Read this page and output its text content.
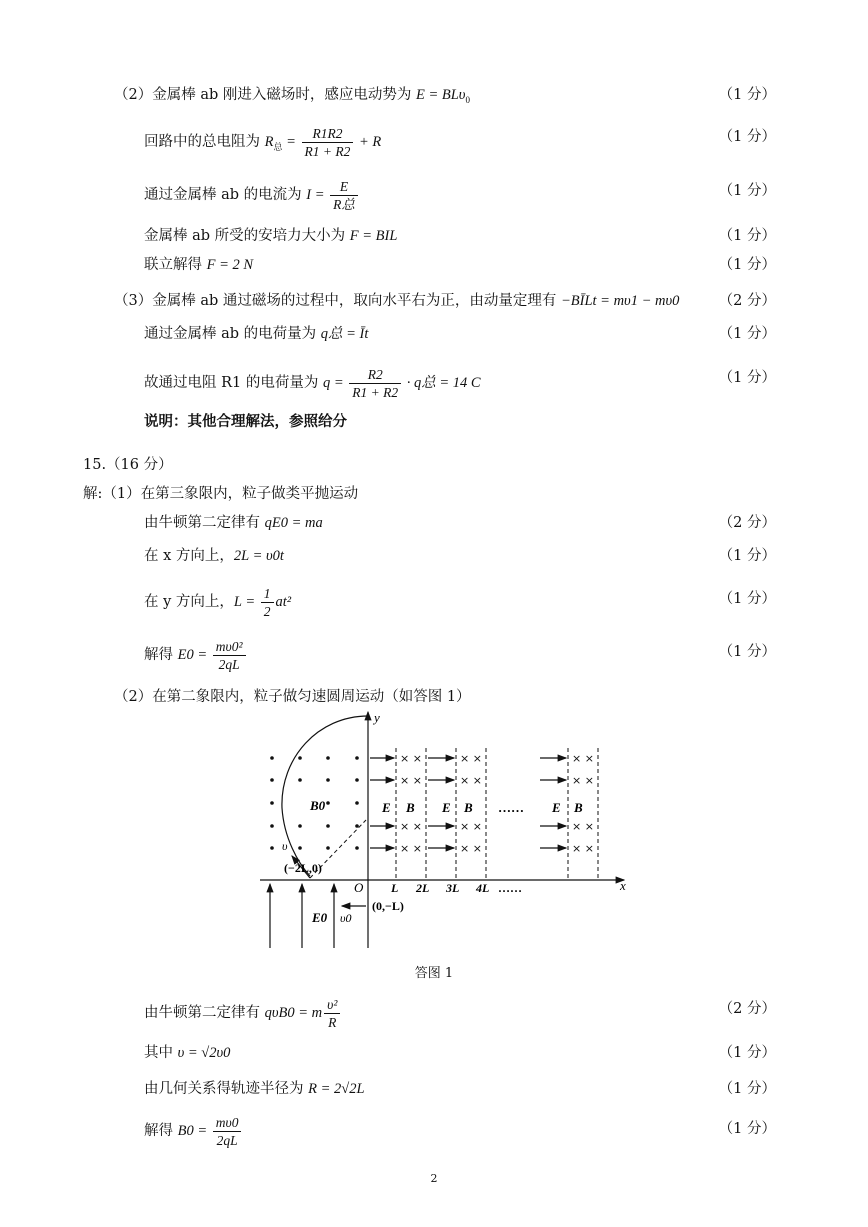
（2）金属棒 ab 刚进入磁场时，感应电动势为 E = BLυ$_0$	（1 分）
回路中的总电阻为 $R_总 = \frac{R1R2}{R1 + R2} + R$	（1 分）
通过金属棒 ab 的电流为 $I = \frac{E}{\text{R总}}$	（1 分）
金属棒 ab 所受的安培力大小为 F = BIL	（1 分）
联立解得 F = 2 N	（1 分）
（3）金属棒 ab 通过磁场的过程中，取向水平右为正，由动量定理有 −BĪLt = mυ1 − mυ0	（2 分）
通过金属棒 ab 的电荷量为 q总 = Īt	（1 分）
故通过电阻 R1 的电荷量为 $q = \frac{R2}{R1 + R2} \cdot q$总 = 14 C	（1 分）
说明：其他合理解法，参照给分
15.（16 分）
解:（1）在第三象限内，粒子做类平抛运动
由牛顿第二定律有 qE0 = ma	（2 分）
在 x 方向上，2L = υ0t	（1 分）
在 y 方向上，$L = \frac{1}{2} at^2$	（1 分）
解得 $E0 = \frac{\text{mυ0²}}{2qL}$	（1 分）
（2）在第二象限内，粒子做匀速圆周运动（如答图 1）
y
x
O
B0
υ
(−2L,0)
E0 υ0
(0,−L)
× ×
× ×
× ×
× ×
× ×
× ×
× ×
× ×
× ×
× ×
× ×
× ×
E B E B	E B
……
L 2L 3L 4L ……
答图 1
由牛顿第二定律有 qυB0 = m $\frac{\text{υ²}}{R}$	（2 分）
其中 υ = √2υ0	（1 分）
由几何关系得轨迹半径为 R = 2√2L	（1 分）
解得 $B0 = \frac{m\upsilon 0}{2qL}$	（1 分）
2
